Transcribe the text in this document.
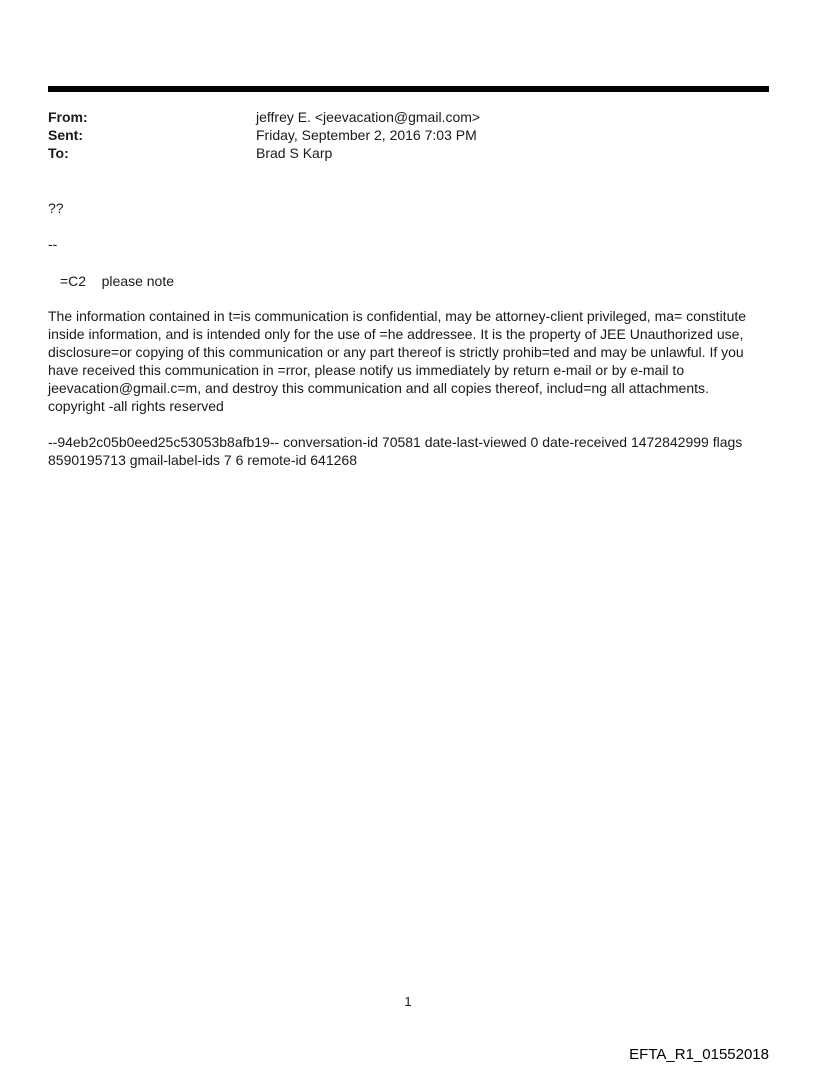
From:	jeffrey E. <jeevacation@gmail.com>
Sent:	Friday, September 2, 2016 7:03 PM
To:	Brad S Karp

??

--

=C2    please note

The information contained in t=is communication is confidential, may be attorney-client privileged, ma= constitute inside information, and is intended only for the use of =he addressee. It is the property of JEE Unauthorized use, disclosure=or copying of this communication or any part thereof is strictly prohib=ted and may be unlawful. If you have received this communication in =rror, please notify us immediately by return e-mail or by e-mail to jeevacation@gmail.c=m, and destroy this communication and all copies thereof, includ=ng all attachments. copyright -all rights reserved

--94eb2c05b0eed25c53053b8afb19-- conversation-id 70581 date-last-viewed 0 date-received 1472842999 flags 8590195713 gmail-label-ids 7 6 remote-id 641268

1
EFTA_R1_01552018
